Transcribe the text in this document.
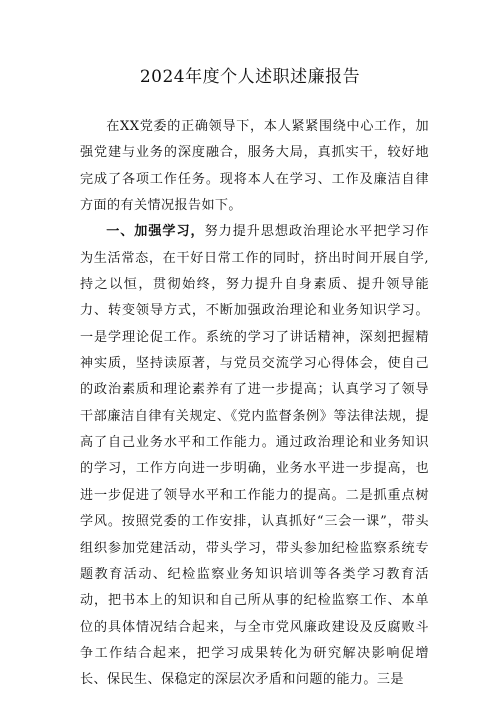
2024年度个人述职述廉报告

在XX党委的正确领导下，本人紧紧围绕中心工作，加强党建与业务的深度融合，服务大局，真抓实干，较好地完成了各项工作任务。现将本人在学习、工作及廉洁自律方面的有关情况报告如下。

一、加强学习，努力提升思想政治理论水平把学习作为生活常态，在干好日常工作的同时，挤出时间开展自学,持之以恒，贯彻始终，努力提升自身素质、提升领导能力、转变领导方式，不断加强政治理论和业务知识学习。一是学理论促工作。系统的学习了讲话精神，深刻把握精神实质，坚持读原著，与党员交流学习心得体会，使自己的政治素质和理论素养有了进一步提高；认真学习了领导干部廉洁自律有关规定、《党内监督条例》等法律法规，提高了自己业务水平和工作能力。通过政治理论和业务知识的学习，工作方向进一步明确，业务水平进一步提高，也进一步促进了领导水平和工作能力的提高。二是抓重点树学风。按照党委的工作安排，认真抓好“三会一课”，带头组织参加党建活动，带头学习，带头参加纪检监察系统专题教育活动、纪检监察业务知识培训等各类学习教育活动，把书本上的知识和自己所从事的纪检监察工作、本单位的具体情况结合起来，与全市党风廉政建设及反腐败斗争工作结合起来，把学习成果转化为研究解决影响促增长、保民生、保稳定的深层次矛盾和问题的能力。三是
